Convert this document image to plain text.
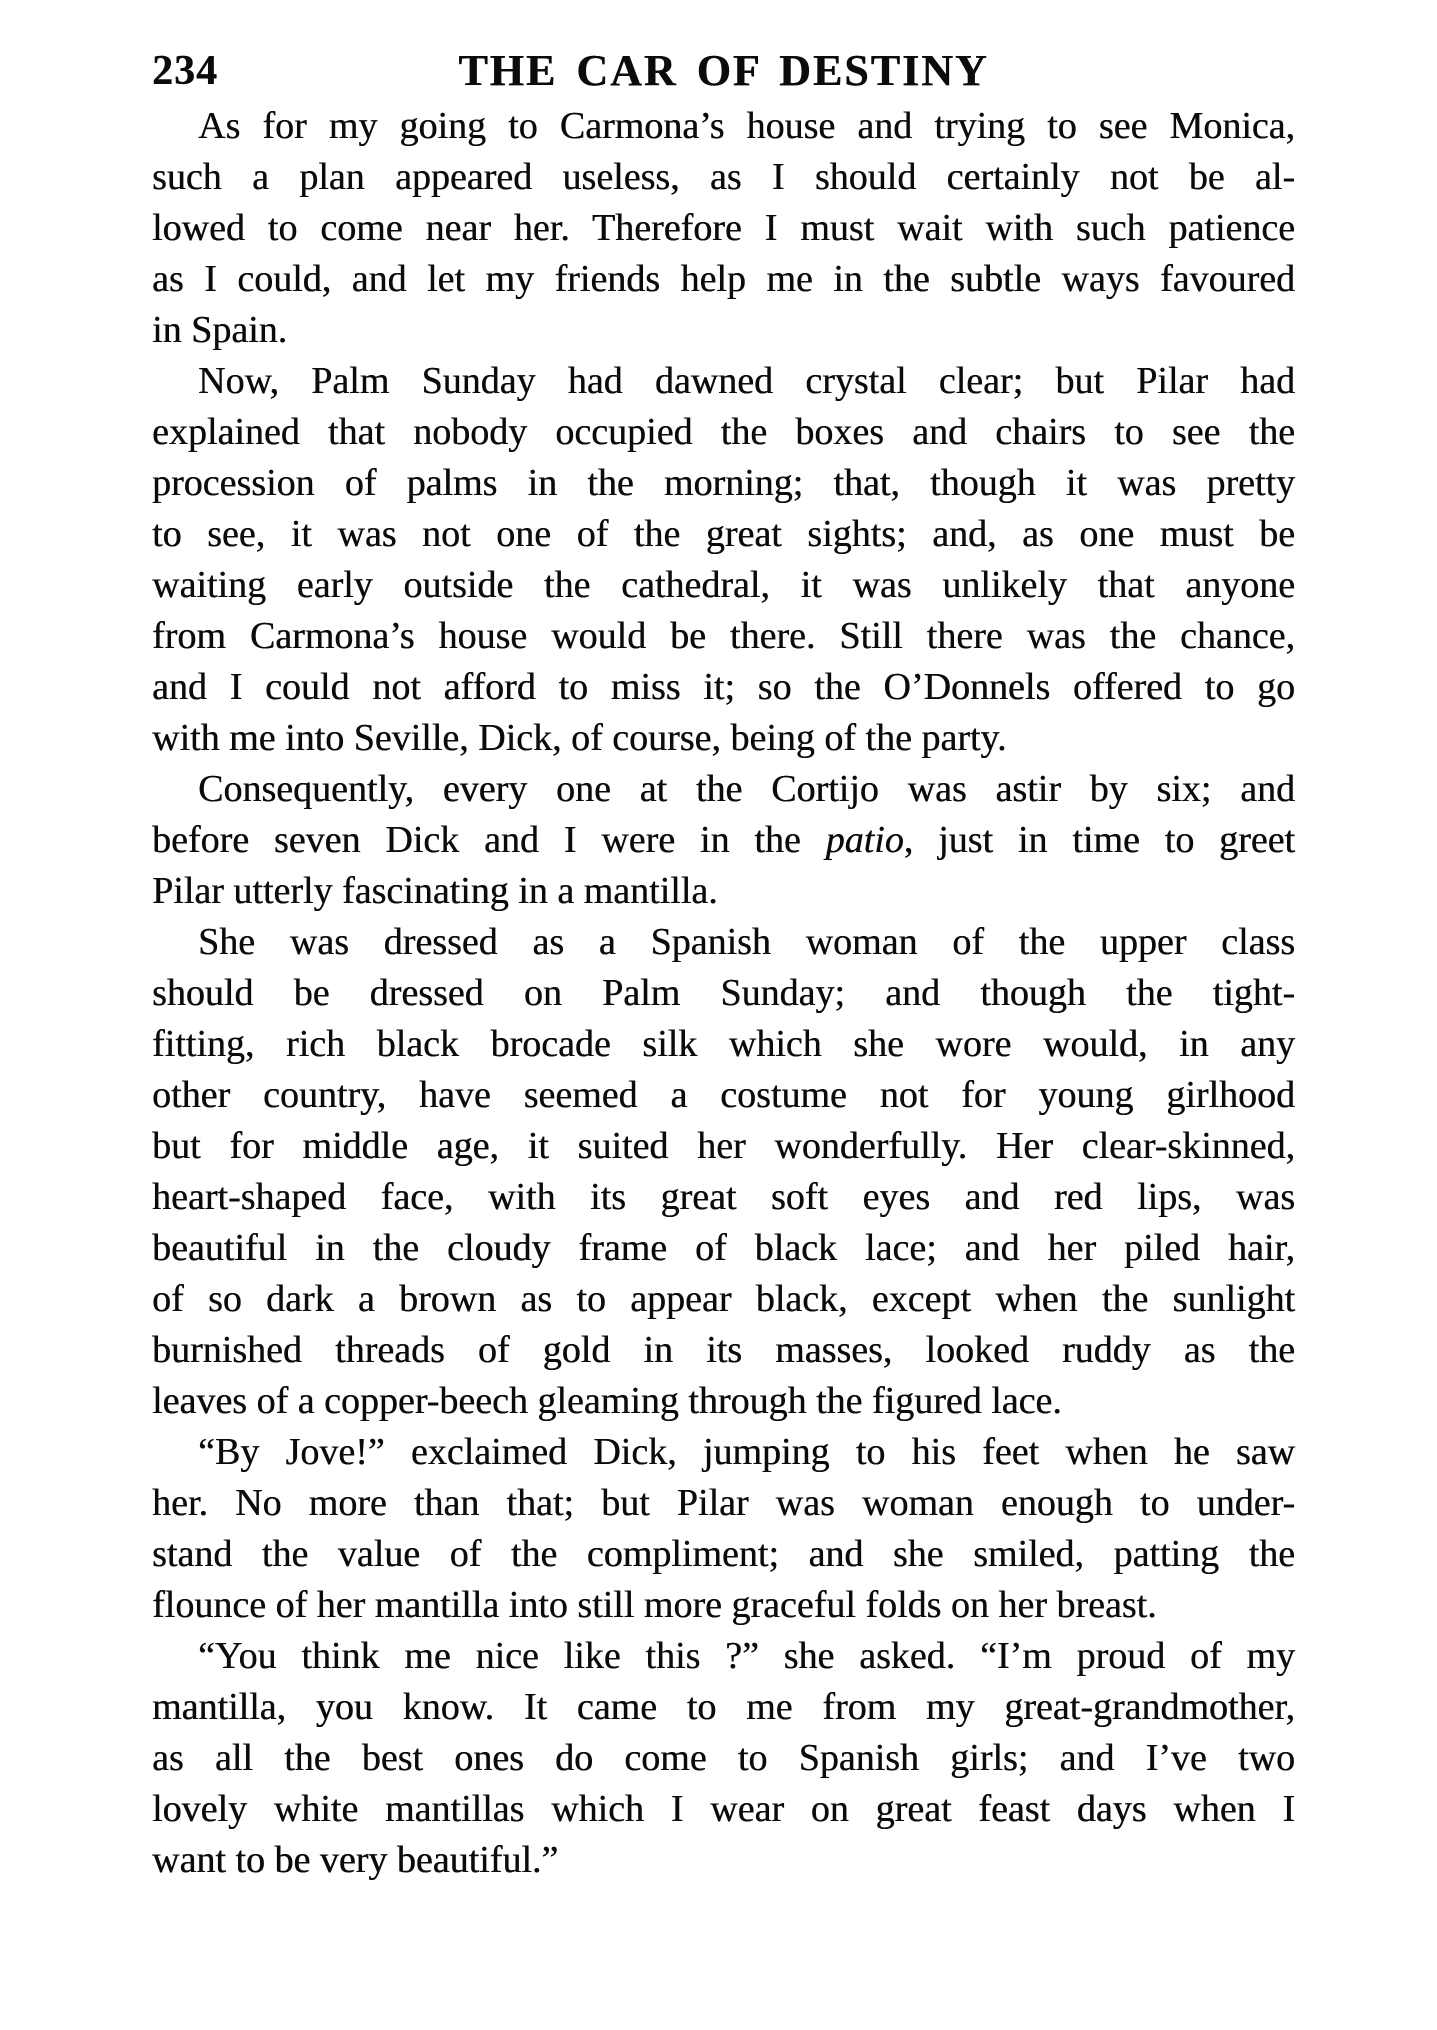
234	THE CAR OF DESTINY
As for my going to Carmona’s house and trying to see Monica,
such a plan appeared useless, as I should certainly not be al-
lowed to come near her. Therefore I must wait with such patience
as I could, and let my friends help me in the subtle ways favoured
in Spain.
Now, Palm Sunday had dawned crystal clear; but Pilar had
explained that nobody occupied the boxes and chairs to see the
procession of palms in the morning; that, though it was pretty
to see, it was not one of the great sights; and, as one must be
waiting early outside the cathedral, it was unlikely that anyone
from Carmona’s house would be there. Still there was the chance,
and I could not afford to miss it; so the O’Donnels offered to go
with me into Seville, Dick, of course, being of the party.
Consequently, every one at the Cortijo was astir by six; and
before seven Dick and I were in the patio, just in time to greet
Pilar utterly fascinating in a mantilla.
She was dressed as a Spanish woman of the upper class
should be dressed on Palm Sunday; and though the tight-
fitting, rich black brocade silk which she wore would, in any
other country, have seemed a costume not for young girlhood
but for middle age, it suited her wonderfully. Her clear-skinned,
heart-shaped face, with its great soft eyes and red lips, was
beautiful in the cloudy frame of black lace; and her piled hair,
of so dark a brown as to appear black, except when the sunlight
burnished threads of gold in its masses, looked ruddy as the
leaves of a copper-beech gleaming through the figured lace.
“By Jove!” exclaimed Dick, jumping to his feet when he saw
her. No more than that; but Pilar was woman enough to under-
stand the value of the compliment; and she smiled, patting the
flounce of her mantilla into still more graceful folds on her breast.
“You think me nice like this ?” she asked. “I’m proud of my
mantilla, you know. It came to me from my great-grandmother,
as all the best ones do come to Spanish girls; and I’ve two
lovely white mantillas which I wear on great feast days when I
want to be very beautiful.”
